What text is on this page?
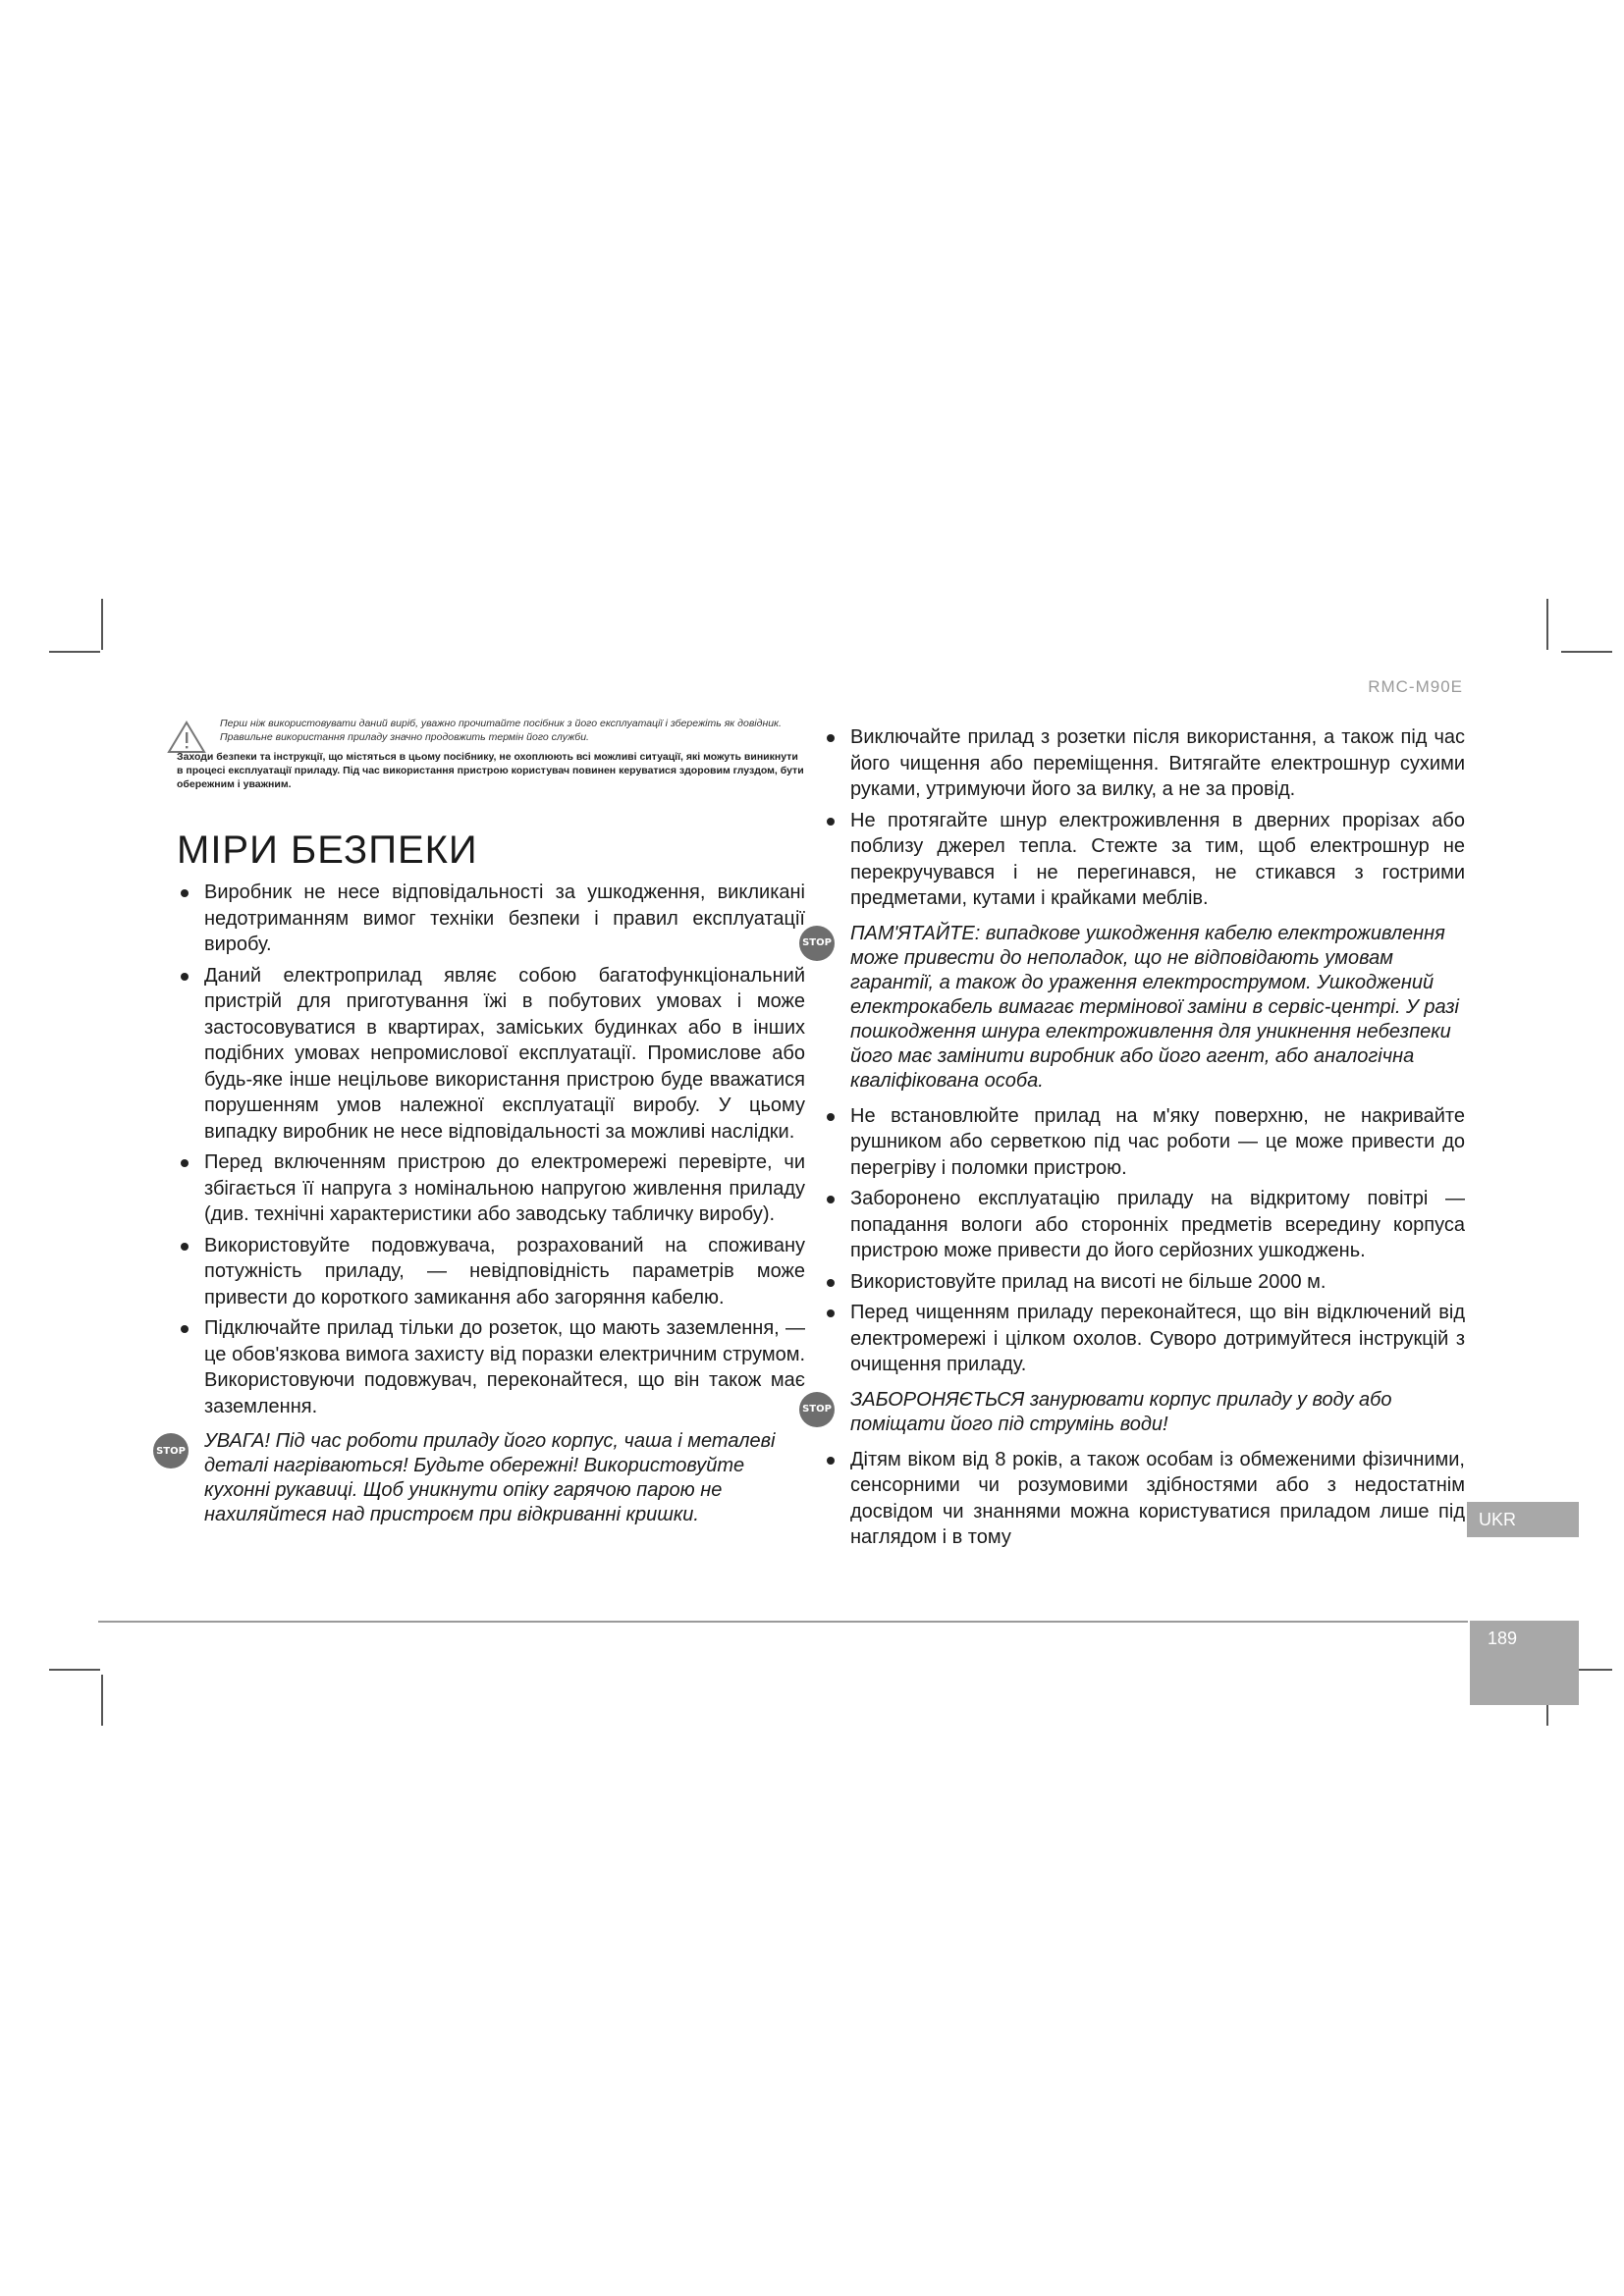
RMC-M90E
Перш ніж використовувати даний виріб, уважно прочитайте посібник з його експлуатації і збережіть як довідник. Правильне використання приладу значно продовжить термін його служби.
Заходи безпеки та інструкції, що містяться в цьому посібнику, не охоплюють всі можливі ситуації, які можуть виникнути в процесі експлуатації приладу. Під час використання пристрою користувач повинен керуватися здоровим глуздом, бути обережним і уважним.
МІРИ БЕЗПЕКИ
Виробник не несе відповідальності за ушкодження, викликані недотриманням вимог техніки безпеки і правил експлуатації виробу.
Даний електроприлад являє собою багатофункціональний пристрій для приготування їжі в побутових умовах і може застосовуватися в квартирах, заміських будинках або в інших подібних умовах непромислової експлуатації. Промислове або будь-яке інше нецільове використання пристрою буде вважатися порушенням умов належної експлуатації виробу. У цьому випадку виробник не несе відповідальності за можливі наслідки.
Перед включенням пристрою до електромережі перевірте, чи збігається її напруга з номінальною напругою живлення приладу (див. технічні характеристики або заводську табличку виробу).
Використовуйте подовжувача, розрахований на споживану потужність приладу, — невідповідність параметрів може привести до короткого замикання або загоряння кабелю.
Підключайте прилад тільки до розеток, що мають заземлення, — це обов'язкова вимога захисту від поразки електричним струмом. Використовуючи подовжувач, переконайтеся, що він також має заземлення.
STOP УВАГА! Під час роботи приладу його корпус, чаша і металеві деталі нагріваються! Будьте обережні! Використовуйте кухонні рукавиці. Щоб уникнути опіку гарячою парою не нахиляйтеся над пристроєм при відкриванні кришки.
Виключайте прилад з розетки після використання, а також під час його чищення або переміщення. Витягайте електрошнур сухими руками, утримуючи його за вилку, а не за провід.
Не протягайте шнур електроживлення в дверних прорізах або поблизу джерел тепла. Стежте за тим, щоб електрошнур не перекручувався і не перегинався, не стикався з гострими предметами, кутами і крайками меблів.
STOP ПАМ'ЯТАЙТЕ: випадкове ушкодження кабелю електроживлення може привести до неполадок, що не відповідають умовам гарантії, а також до ураження електрострумом. Ушкоджений електрокабель вимагає термінової заміни в сервіс-центрі. У разі пошкодження шнура електроживлення для уникнення небезпеки його має замінити виробник або його агент, або аналогічна кваліфікована особа.
Не встановлюйте прилад на м'яку поверхню, не накривайте рушником або серветкою під час роботи — це може привести до перегріву і поломки пристрою.
Заборонено експлуатацію приладу на відкритому повітрі — попадання вологи або сторонніх предметів всередину корпуса пристрою може привести до його серйозних ушкоджень.
Використовуйте прилад на висоті не більше 2000 м.
Перед чищенням приладу переконайтеся, що він відключений від електромережі і цілком охолов. Суворо дотримуйтеся інструкцій з очищення приладу.
STOP ЗАБОРОНЯЄТЬСЯ занурювати корпус приладу у воду або поміщати його під струмінь води!
Дітям віком від 8 років, а також особам із обмеженими фізичними, сенсорними чи розумовими здібностями або з недостатнім досвідом чи знаннями можна користуватися приладом лише під наглядом і в тому
UKR
189
